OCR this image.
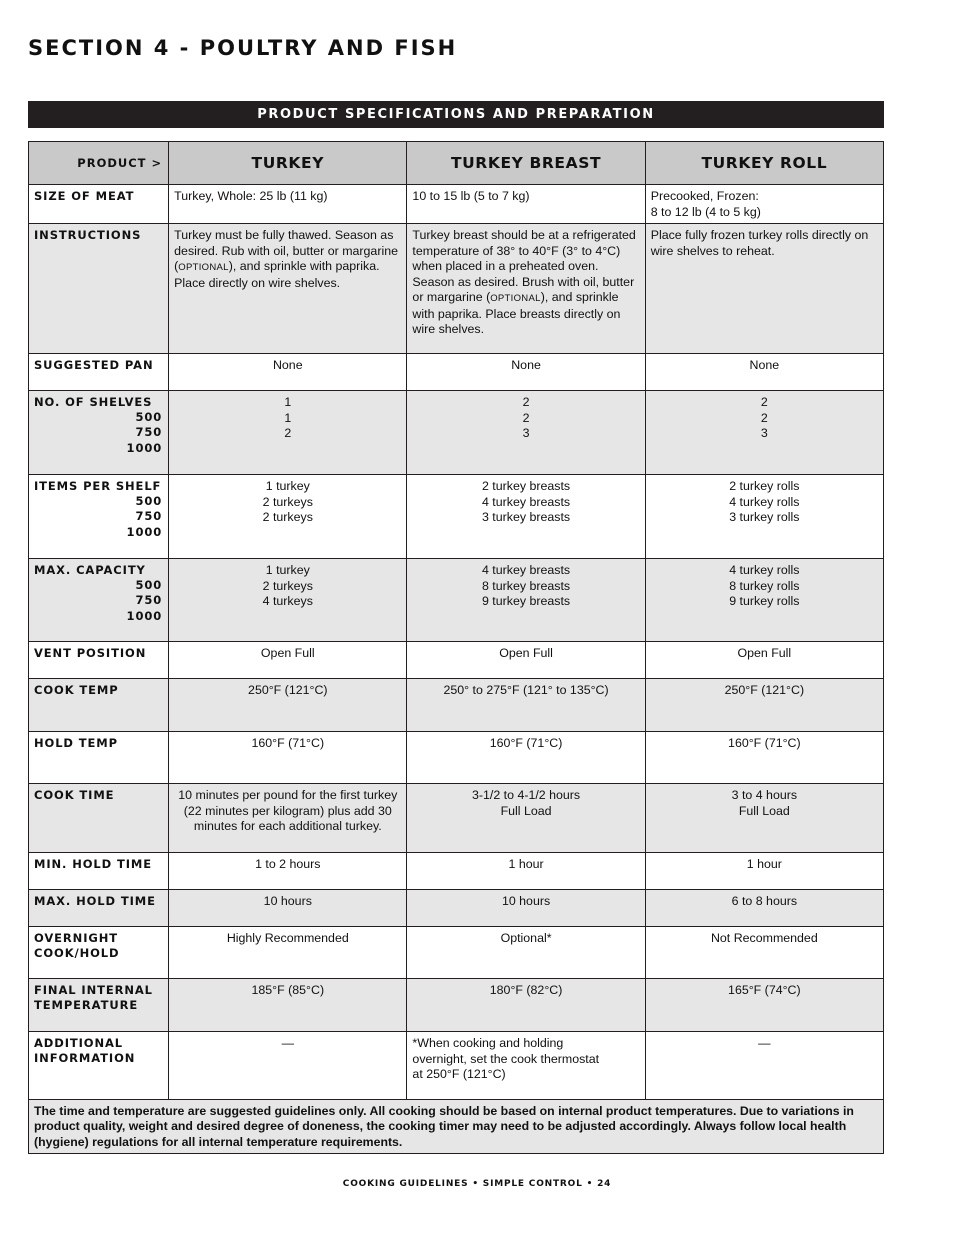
SECTION 4 - POULTRY AND FISH
PRODUCT SPECIFICATIONS AND PREPARATION
PRODUCT >	TURKEY	TURKEY BREAST	TURKEY ROLL
SIZE OF MEAT	Turkey, Whole: 25 lb (11 kg)	10 to 15 lb (5 to 7 kg)	Precooked, Frozen:
8 to 12 lb (4 to 5 kg)
INSTRUCTIONS	Turkey must be fully thawed. Season as desired. Rub with oil, butter or margarine (OPTIONAL), and sprinkle with paprika. Place directly on wire shelves.	Turkey breast should be at a refrigerated temperature of 38° to 40°F (3° to 4°C) when placed in a preheated oven. Season as desired. Brush with oil, butter or margarine (OPTIONAL), and sprinkle with paprika. Place breasts directly on wire shelves.	Place fully frozen turkey rolls directly on wire shelves to reheat.
SUGGESTED PAN	None	None	None
NO. OF SHELVES
500
750
1000	1
1
2	2
2
3	2
2
3
ITEMS PER SHELF
500
750
1000	1 turkey
2 turkeys
2 turkeys	2 turkey breasts
4 turkey breasts
3 turkey breasts	2 turkey rolls
4 turkey rolls
3 turkey rolls
MAX. CAPACITY
500
750
1000	1 turkey
2 turkeys
4 turkeys	4 turkey breasts
8 turkey breasts
9 turkey breasts	4 turkey rolls
8 turkey rolls
9 turkey rolls
VENT POSITION	Open Full	Open Full	Open Full
COOK TEMP	250°F (121°C)	250° to 275°F (121° to 135°C)	250°F (121°C)
HOLD TEMP	160°F (71°C)	160°F (71°C)	160°F (71°C)
COOK TIME	10 minutes per pound for the first turkey (22 minutes per kilogram) plus add 30 minutes for each additional turkey.	3-1/2 to 4-1/2 hours
Full Load	3 to 4 hours
Full Load
MIN. HOLD TIME	1 to 2 hours	1 hour	1 hour
MAX. HOLD TIME	10 hours	10 hours	6 to 8 hours
OVERNIGHT
COOK/HOLD	Highly Recommended	Optional*	Not Recommended
FINAL INTERNAL
TEMPERATURE	185°F (85°C)	180°F (82°C)	165°F (74°C)
ADDITIONAL
INFORMATION	—	*When cooking and holding
overnight, set the cook thermostat
at 250°F (121°C)	—
The time and temperature are suggested guidelines only. All cooking should be based on internal product temperatures. Due to variations in product quality, weight and desired degree of doneness, the cooking timer may need to be adjusted accordingly. Always follow local health (hygiene) regulations for all internal temperature requirements.			
COOKING GUIDELINES • SIMPLE CONTROL • 24
